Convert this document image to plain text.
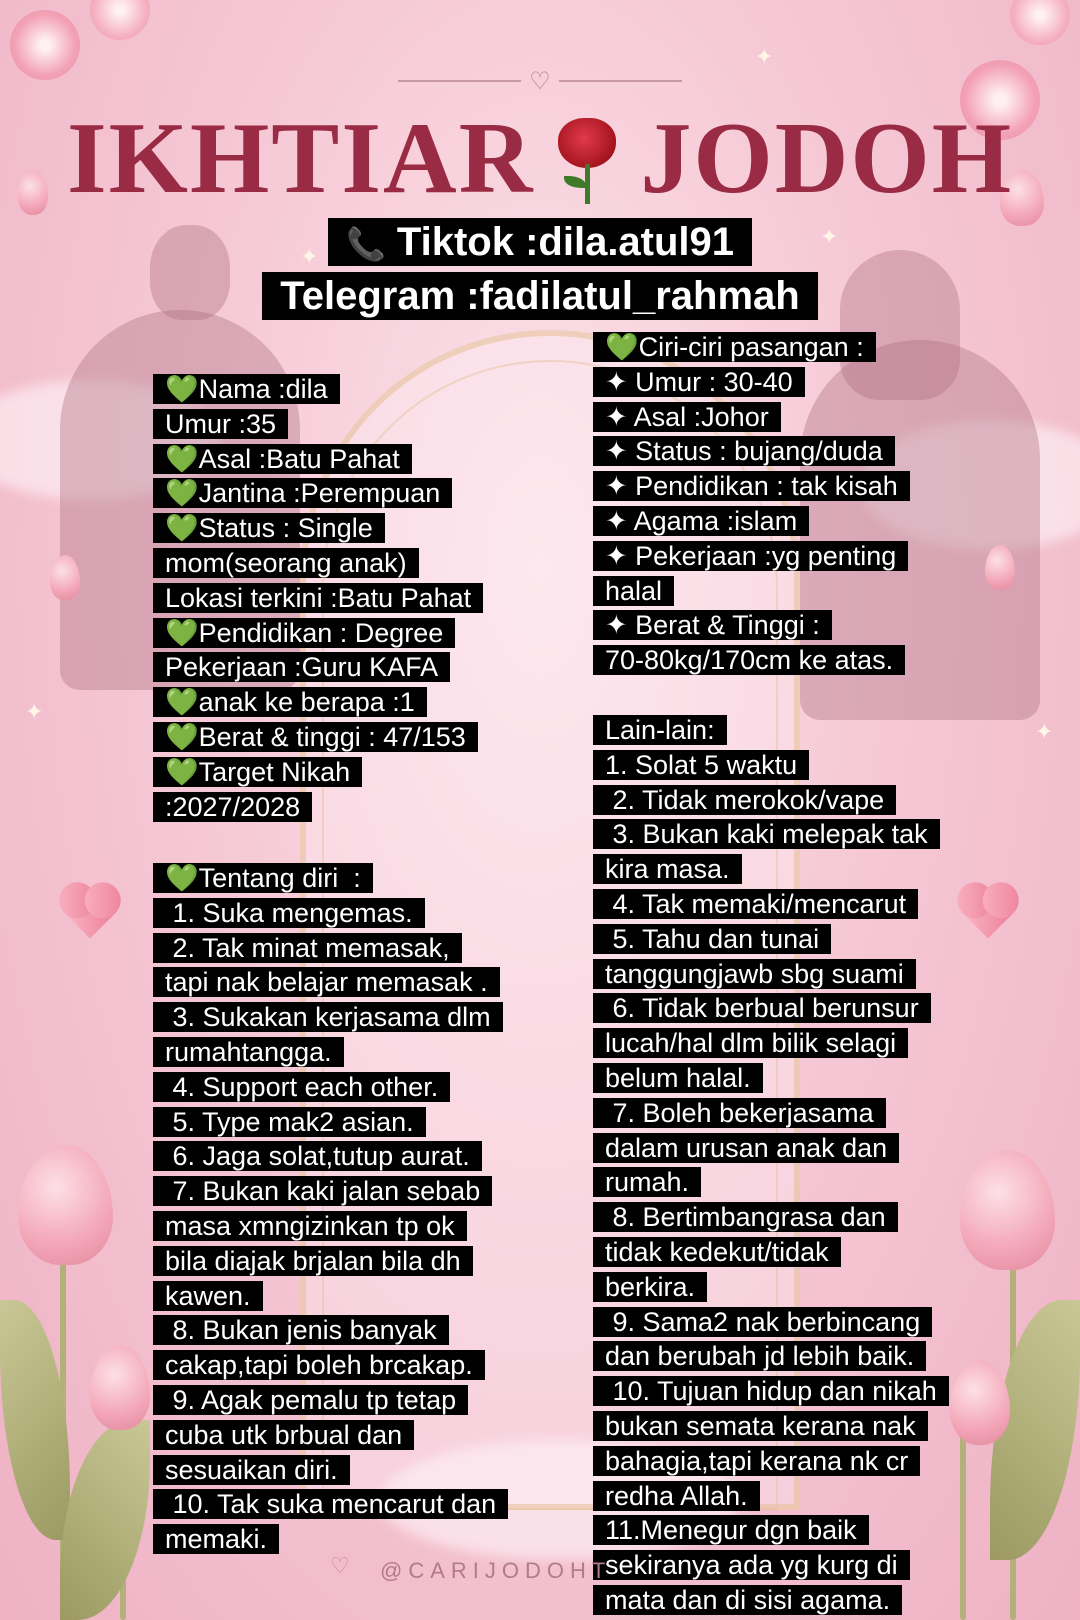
✦
✦
✦
✦
✦
♡
IKHTIAR JODOH
📞 Tiktok :dila.atul91
Telegram :fadilatul_rahmah
💚Nama :dila
Umur :35
💚Asal :Batu Pahat
💚Jantina :Perempuan
💚Status : Single
mom(seorang anak)
Lokasi terkini :Batu Pahat
💚Pendidikan : Degree
Pekerjaan :Guru KAFA
💚anak ke berapa :1
💚Berat & tinggi : 47/153
💚Target Nikah
:2027/2028
💚Tentang diri  :
1. Suka mengemas.
2. Tak minat memasak,
tapi nak belajar memasak .
3. Sukakan kerjasama dlm
rumahtangga.
4. Support each other.
5. Type mak2 asian.
6. Jaga solat,tutup aurat.
7. Bukan kaki jalan sebab
masa xmngizinkan tp ok
bila diajak brjalan bila dh
kawen.
8. Bukan jenis banyak
cakap,tapi boleh brcakap.
9. Agak pemalu tp tetap
cuba utk brbual dan
sesuaikan diri.
10. Tak suka mencarut dan
memaki.
💚Ciri-ciri pasangan :
✦ Umur : 30-40
✦ Asal :Johor
✦ Status : bujang/duda
✦ Pendidikan : tak kisah
✦ Agama :islam
✦ Pekerjaan :yg penting
halal
✦ Berat & Tinggi :
70-80kg/170cm ke atas.
Lain-lain:
1. Solat 5 waktu
2. Tidak merokok/vape
3. Bukan kaki melepak tak
kira masa.
4. Tak memaki/mencarut
5. Tahu dan tunai
tanggungjawb sbg suami
6. Tidak berbual berunsur
lucah/hal dlm bilik selagi
belum halal.
7. Boleh bekerjasama
dalam urusan anak dan
rumah.
8. Bertimbangrasa dan
tidak kedekut/tidak
berkira.
9. Sama2 nak berbincang
dan berubah jd lebih baik.
10. Tujuan hidup dan nikah
bukan semata kerana nak
bahagia,tapi kerana nk cr
redha Allah.
11.Menegur dgn baik
sekiranya ada yg kurg di
mata dan di sisi agama.
♡ @CARIJODOHT
